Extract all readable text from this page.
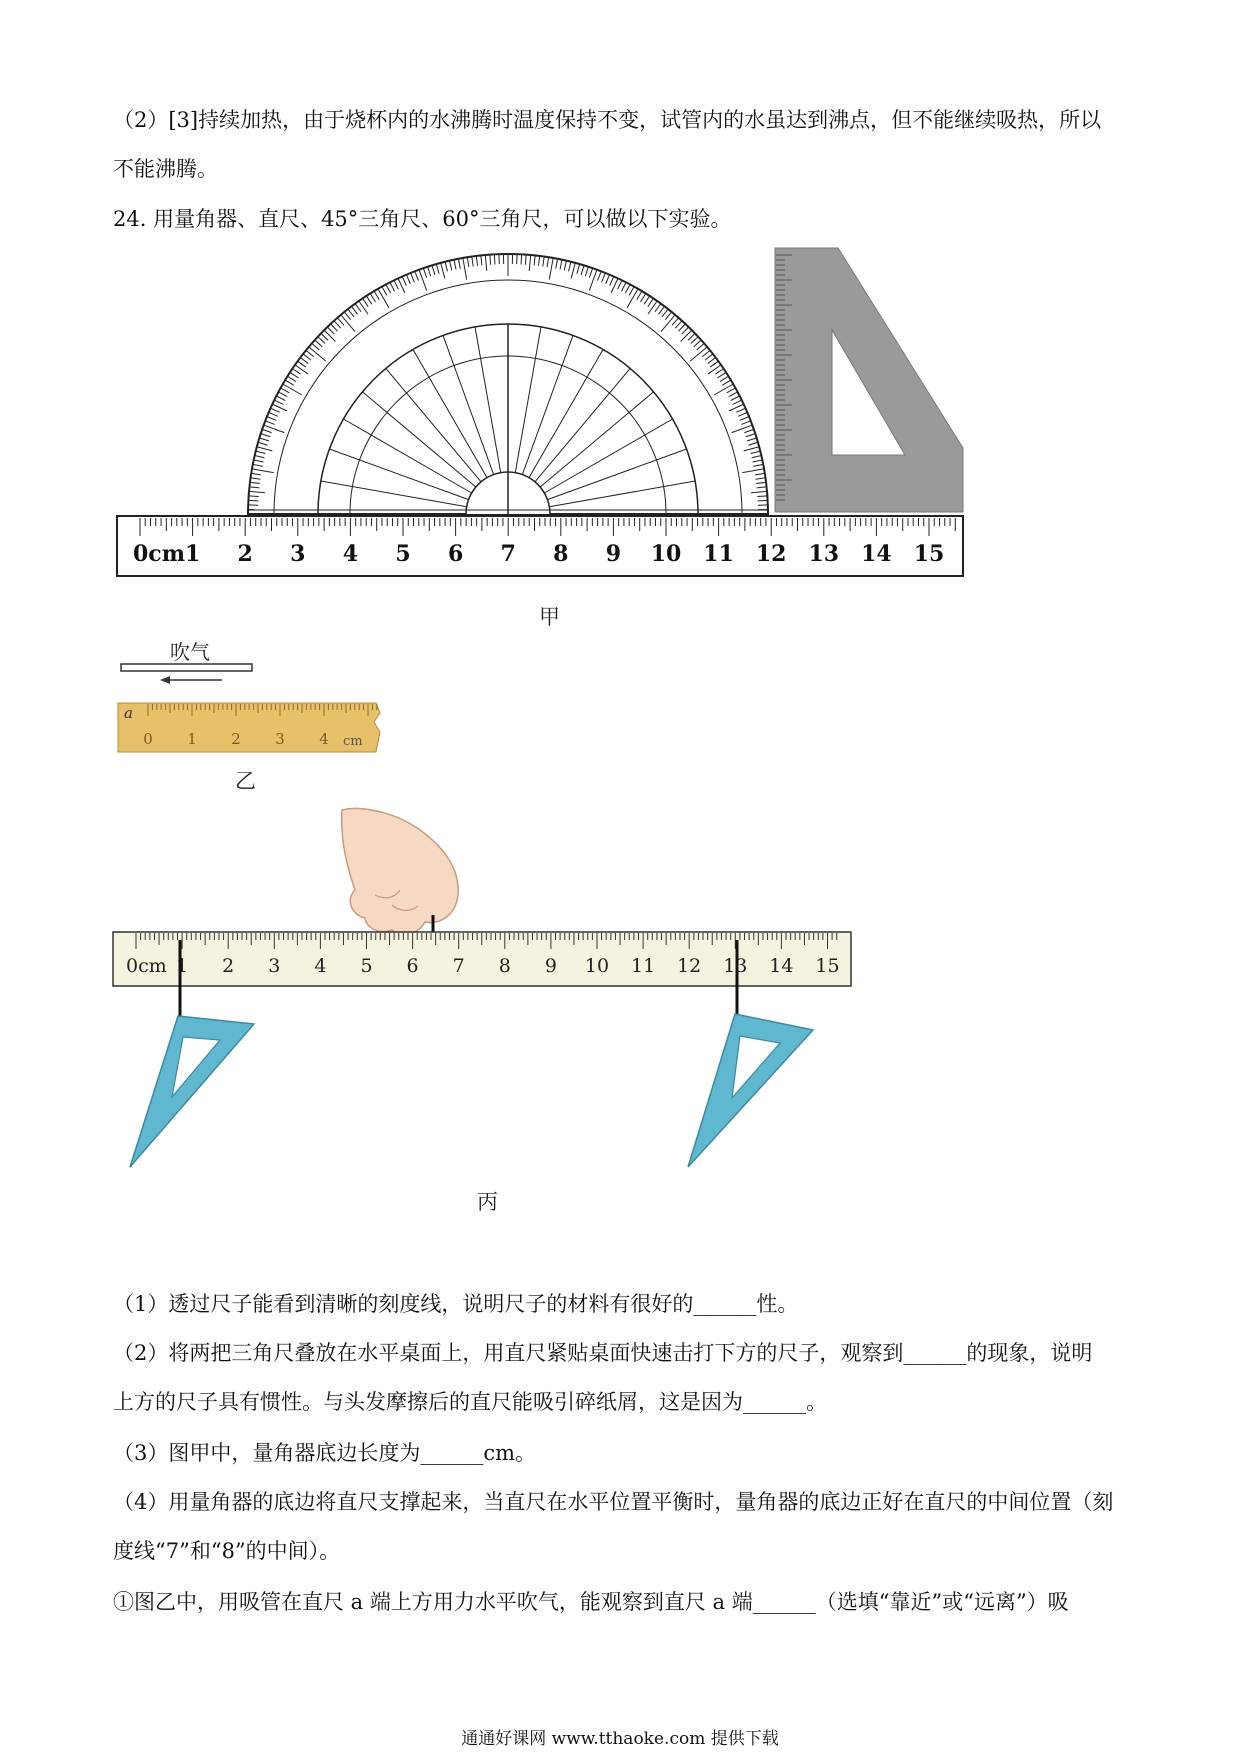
（2）[3]持续加热，由于烧杯内的水沸腾时温度保持不变，试管内的水虽达到沸点，但不能继续吸热，所以
不能沸腾。
24. 用量角器、直尺、45°三角尺、60°三角尺，可以做以下实验。
0cm 1 2 3 4 5 6 7 8 9 10 11 12 13 14 15
甲
吹气
a
0 1 2 3 4 cm
乙
0cm 1 2 3 4 5 6 7 8 9 10 11 12 13 14 15
丙
（1）透过尺子能看到清晰的刻度线，说明尺子的材料有很好的______性。
（2）将两把三角尺叠放在水平桌面上，用直尺紧贴桌面快速击打下方的尺子，观察到______的现象，说明
上方的尺子具有惯性。与头发摩擦后的直尺能吸引碎纸屑，这是因为______。
（3）图甲中，量角器底边长度为______cm。
（4）用量角器的底边将直尺支撑起来，当直尺在水平位置平衡时，量角器的底边正好在直尺的中间位置（刻
度线“7”和“8”的中间）。
①图乙中，用吸管在直尺 a 端上方用力水平吹气，能观察到直尺 a 端______（选填“靠近”或“远离”）吸
通通好课网 www.tthaoke.com 提供下载
